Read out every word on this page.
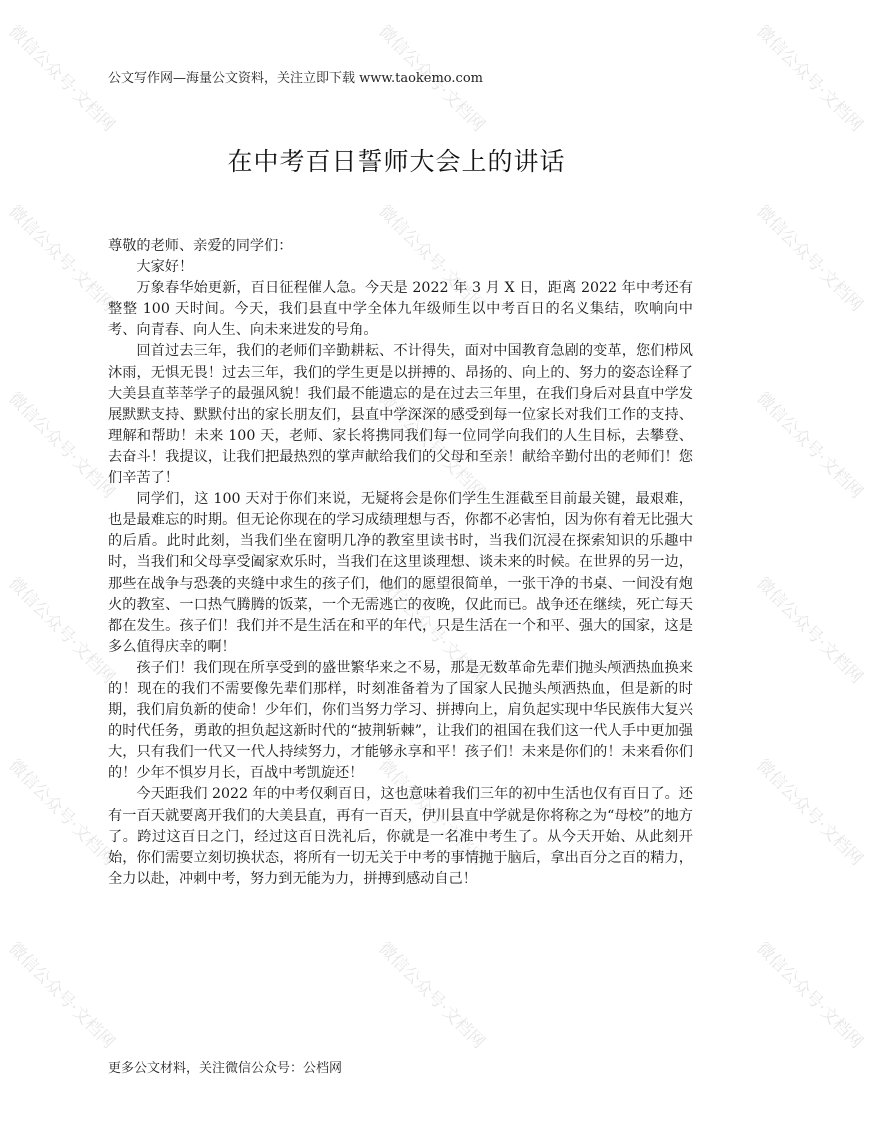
公文写作网—海量公文资料，关注立即下载 www.taokemo.com
在中考百日誓师大会上的讲话

尊敬的老师、亲爱的同学们：

大家好！

万象春华始更新，百日征程催人急。今天是 2022 年 3 月 X 日，距离 2022 年中考还有整整 100 天时间。今天，我们县直中学全体九年级师生以中考百日的名义集结，吹响向中考、向青春、向人生、向未来进发的号角。

回首过去三年，我们的老师们辛勤耕耘、不计得失，面对中国教育急剧的变革，您们栉风沐雨，无惧无畏！过去三年，我们的学生更是以拼搏的、昂扬的、向上的、努力的姿态诠释了大美县直莘莘学子的最强风貌！我们最不能遗忘的是在过去三年里，在我们身后对县直中学发展默默支持、默默付出的家长朋友们，县直中学深深的感受到每一位家长对我们工作的支持、理解和帮助！未来 100 天，老师、家长将携同我们每一位同学向我们的人生目标，去攀登、去奋斗！我提议，让我们把最热烈的掌声献给我们的父母和至亲！献给辛勤付出的老师们！您们辛苦了！

同学们，这 100 天对于你们来说，无疑将会是你们学生生涯截至目前最关键，最艰难，也是最难忘的时期。但无论你现在的学习成绩理想与否，你都不必害怕，因为你有着无比强大的后盾。此时此刻，当我们坐在窗明几净的教室里读书时，当我们沉浸在探索知识的乐趣中时，当我们和父母享受阖家欢乐时，当我们在这里谈理想、谈未来的时候。在世界的另一边，那些在战争与恐袭的夹缝中求生的孩子们，他们的愿望很简单，一张干净的书桌、一间没有炮火的教室、一口热气腾腾的饭菜，一个无需逃亡的夜晚，仅此而已。战争还在继续，死亡每天都在发生。孩子们！我们并不是生活在和平的年代，只是生活在一个和平、强大的国家，这是多么值得庆幸的啊！

孩子们！我们现在所享受到的盛世繁华来之不易，那是无数革命先辈们抛头颅洒热血换来的！现在的我们不需要像先辈们那样，时刻准备着为了国家人民抛头颅洒热血，但是新的时期，我们肩负新的使命！少年们，你们当努力学习、拼搏向上，肩负起实现中华民族伟大复兴的时代任务，勇敢的担负起这新时代的“披荆斩棘”，让我们的祖国在我们这一代人手中更加强大，只有我们一代又一代人持续努力，才能够永享和平！孩子们！未来是你们的！未来看你们的！少年不惧岁月长，百战中考凯旋还！

今天距我们 2022 年的中考仅剩百日，这也意味着我们三年的初中生活也仅有百日了。还有一百天就要离开我们的大美县直，再有一百天，伊川县直中学就是你将称之为“母校”的地方了。跨过这百日之门，经过这百日洗礼后，你就是一名准中考生了。从今天开始、从此刻开始，你们需要立刻切换状态，将所有一切无关于中考的事情抛于脑后，拿出百分之百的精力，全力以赴，冲刺中考，努力到无能为力，拼搏到感动自己！

更多公文材料，关注微信公众号：公档网
微信公众号·文档网	微信公众号·文档网	微信公众号·文档网
微信公众号·文档网	微信公众号·文档网	微信公众号·文档网
微信公众号·文档网	微信公众号·文档网	微信公众号·文档网
微信公众号·文档网	微信公众号·文档网	微信公众号·文档网
微信公众号·文档网	微信公众号·文档网	微信公众号·文档网
微信公众号·文档网	微信公众号·文档网	微信公众号·文档网
